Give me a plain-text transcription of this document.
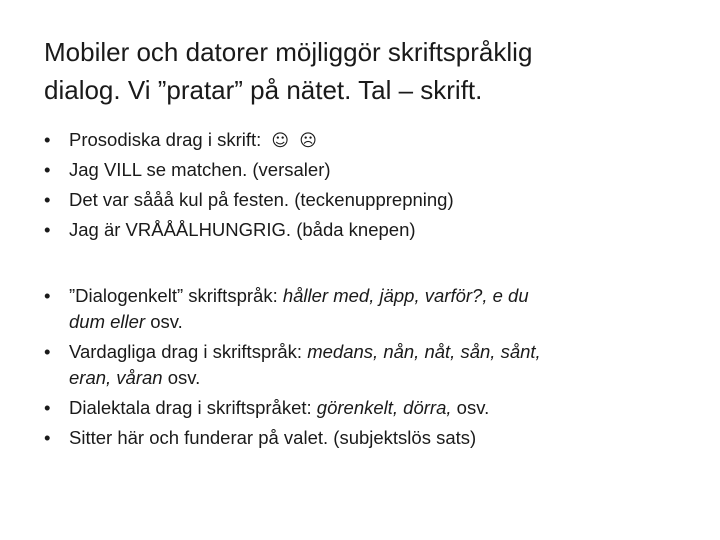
Mobiler och datorer möjliggör skriftspråklig
dialog. Vi ”pratar” på nätet. Tal – skrift.
• Prosodiska drag i skrift: ☺ ☹
• Jag VILL se matchen. (versaler)
• Det var sååå kul på festen. (teckenupprepning)
• Jag är VRÅÅÅLHUNGRIG. (båda knepen)
• ”Dialogenkelt” skriftspråk: håller med, jäpp, varför?, e du
dum eller osv.
• Vardagliga drag i skriftspråk: medans, nån, nåt, sån, sånt,
eran, våran osv.
• Dialektala drag i skriftspråket: görenkelt, dörra, osv.
• Sitter här och funderar på valet. (subjektslös sats)
